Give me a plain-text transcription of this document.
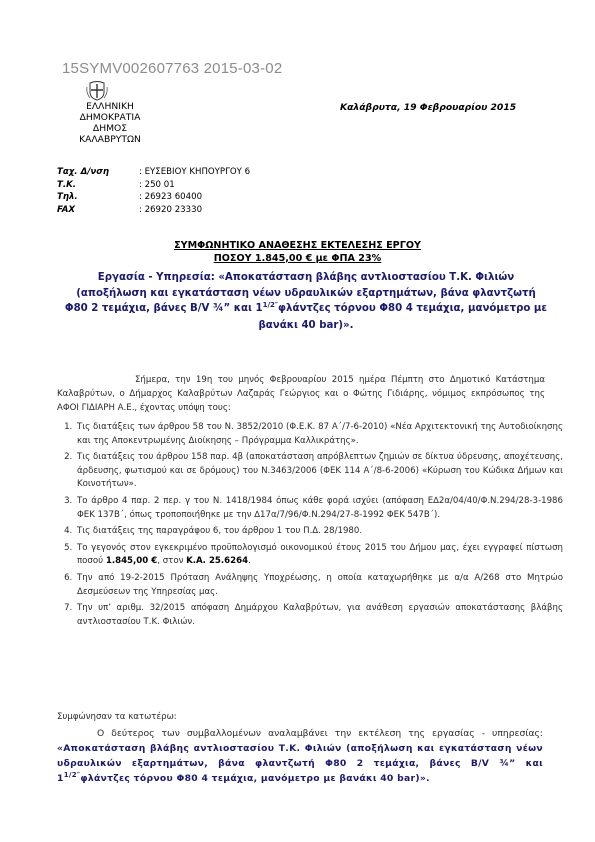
15SYMV002607763 2015-03-02
ΕΛΛΗΝΙΚΗ ΔΗΜΟΚΡΑΤΙΑ
ΔΗΜΟΣ ΚΑΛΑΒΡΥΤΩΝ
Καλάβρυτα, 19 Φεβρουαρίου 2015
Ταχ. Δ/νση	: ΕΥΣΕΒΙΟΥ ΚΗΠΟΥΡΓΟΥ 6
Τ.Κ.	: 250 01
Τηλ.	: 26923 60400
FAX	: 26920 23330
ΣΥΜΦΩΝΗΤΙΚΟ ΑΝΑΘΕΣΗΣ ΕΚΤΕΛΕΣΗΣ ΕΡΓΟΥ
ΠΟΣΟΥ 1.845,00 € με ΦΠΑ 23%
Εργασία - Υπηρεσία: «Αποκατάσταση βλάβης αντλιοστασίου Τ.Κ. Φιλιών (αποξήλωση και εγκατάσταση νέων υδραυλικών εξαρτημάτων, βάνα φλαντζωτή Φ80 2 τεμάχια, βάνες Β/V ¾” και $1^{1/2''}\varphi\lambda ά\nu\tau\zeta\varepsilon\varsigma$ τόρνου Φ80 4 τεμάχια, μανόμετρο με βανάκι 40 bar)».
Σήμερα, την 19η του μηνός Φεβρουαρίου 2015 ημέρα Πέμπτη στο Δημοτικό Κατάστημα Καλαβρύτων, ο Δήμαρχος Καλαβρύτων Λαζαράς Γεώργιος και ο Φώτης Γιδιάρης, νόμιμος εκπρόσωπος της ΑΦΟΙ ΓΙΔΙΑΡΗ Α.Ε., έχοντας υπόψη τους:
1. Τις διατάξεις των άρθρου 58 του Ν. 3852/2010 (Φ.Ε.Κ. 87 Α΄/7-6-2010) «Νέα Αρχιτεκτονική της Αυτοδιοίκησης και της Αποκεντρωμένης Διοίκησης – Πρόγραμμα Καλλικράτης».
2. Τις διατάξεις του άρθρου 158 παρ. 4β (αποκατάσταση απρόβλεπτων ζημιών σε δίκτυα ύδρευσης, αποχέτευσης, άρδευσης, φωτισμού και σε δρόμους) του Ν.3463/2006 (ΦΕΚ 114 Α΄/8-6-2006) «Κύρωση του Κώδικα Δήμων και Κοινοτήτων».
3. Το άρθρο 4 παρ. 2 περ. γ του Ν. 1418/1984 όπως κάθε φορά ισχύει (απόφαση Ε∆2α/04/40/Φ.Ν.294/28-3-1986 ΦΕΚ 137Β΄, όπως τροποποιήθηκε με την ∆17α/7/96/Φ.Ν.294/27-8-1992 ΦΕΚ 547Β΄).
4. Τις διατάξεις της παραγράφου 6, του άρθρου 1 του Π.Δ. 28/1980.
5. Το γεγονός στον εγκεκριμένο προϋπολογισμό οικονομικού έτους 2015 του Δήμου μας, έχει εγγραφεί πίστωση ποσού 1.845,00 €, στον Κ.Α. 25.6264.
6. Την από 19-2-2015 Πρόταση Ανάληψης Υποχρέωσης, η οποία καταχωρήθηκε με α/α Α/268 στο Μητρώο Δεσμεύσεων της Υπηρεσίας μας.
7. Την υπ’ αριθμ. 32/2015 απόφαση Δημάρχου Καλαβρύτων, για ανάθεση εργασιών αποκατάστασης βλάβης αντλιοστασίου Τ.Κ. Φιλιών.
Συμφώνησαν τα κατωτέρω:
Ο δεύτερος των συμβαλλομένων αναλαμβάνει την εκτέλεση της εργασίας - υπηρεσίας: «Αποκατάσταση βλάβης αντλιοστασίου Τ.Κ. Φιλιών (αποξήλωση και εγκατάσταση νέων υδραυλικών εξαρτημάτων, βάνα φλαντζωτή Φ80 2 τεμάχια, βάνες Β/V ¾” και $1^{1/2''}\varphi\lambda ά\nu\tau\zeta\varepsilon\varsigma$ τόρνου Φ80 4 τεμάχια, μανόμετρο με βανάκι 40 bar)».
